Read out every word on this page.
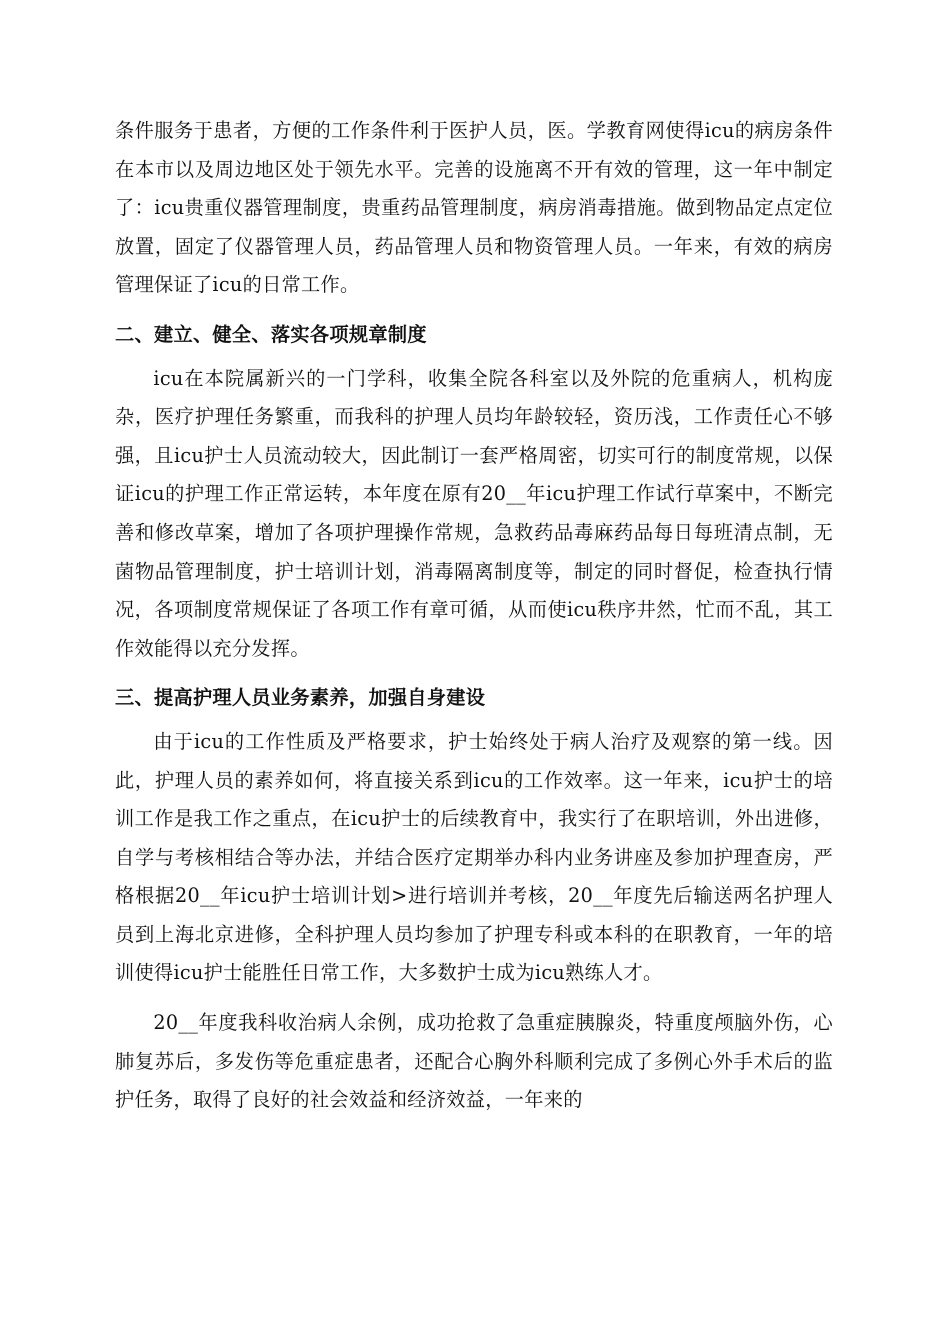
条件服务于患者，方便的工作条件利于医护人员，医。学教育网使得icu的病房条件在本市以及周边地区处于领先水平。完善的设施离不开有效的管理，这一年中制定了：icu贵重仪器管理制度，贵重药品管理制度，病房消毒措施。做到物品定点定位放置，固定了仪器管理人员，药品管理人员和物资管理人员。一年来，有效的病房管理保证了icu的日常工作。

二、建立、健全、落实各项规章制度

icu在本院属新兴的一门学科，收集全院各科室以及外院的危重病人，机构庞杂，医疗护理任务繁重，而我科的护理人员均年龄较轻，资历浅，工作责任心不够强，且icu护士人员流动较大，因此制订一套严格周密，切实可行的制度常规，以保证icu的护理工作正常运转，本年度在原有20__年icu护理工作试行草案中，不断完善和修改草案，增加了各项护理操作常规，急救药品毒麻药品每日每班清点制，无菌物品管理制度，护士培训计划，消毒隔离制度等，制定的同时督促，检查执行情况，各项制度常规保证了各项工作有章可循，从而使icu秩序井然，忙而不乱，其工作效能得以充分发挥。

三、提高护理人员业务素养，加强自身建设

由于icu的工作性质及严格要求，护士始终处于病人治疗及观察的第一线。因此，护理人员的素养如何，将直接关系到icu的工作效率。这一年来，icu护士的培训工作是我工作之重点，在icu护士的后续教育中，我实行了在职培训，外出进修，自学与考核相结合等办法，并结合医疗定期举办科内业务讲座及参加护理查房，严格根据20__年icu护士培训计划>进行培训并考核，20__年度先后输送两名护理人员到上海北京进修，全科护理人员均参加了护理专科或本科的在职教育，一年的培训使得icu护士能胜任日常工作，大多数护士成为icu熟练人才。

20__年度我科收治病人余例，成功抢救了急重症胰腺炎，特重度颅脑外伤，心肺复苏后，多发伤等危重症患者，还配合心胸外科顺利完成了多例心外手术后的监护任务，取得了良好的社会效益和经济效益，一年来的
